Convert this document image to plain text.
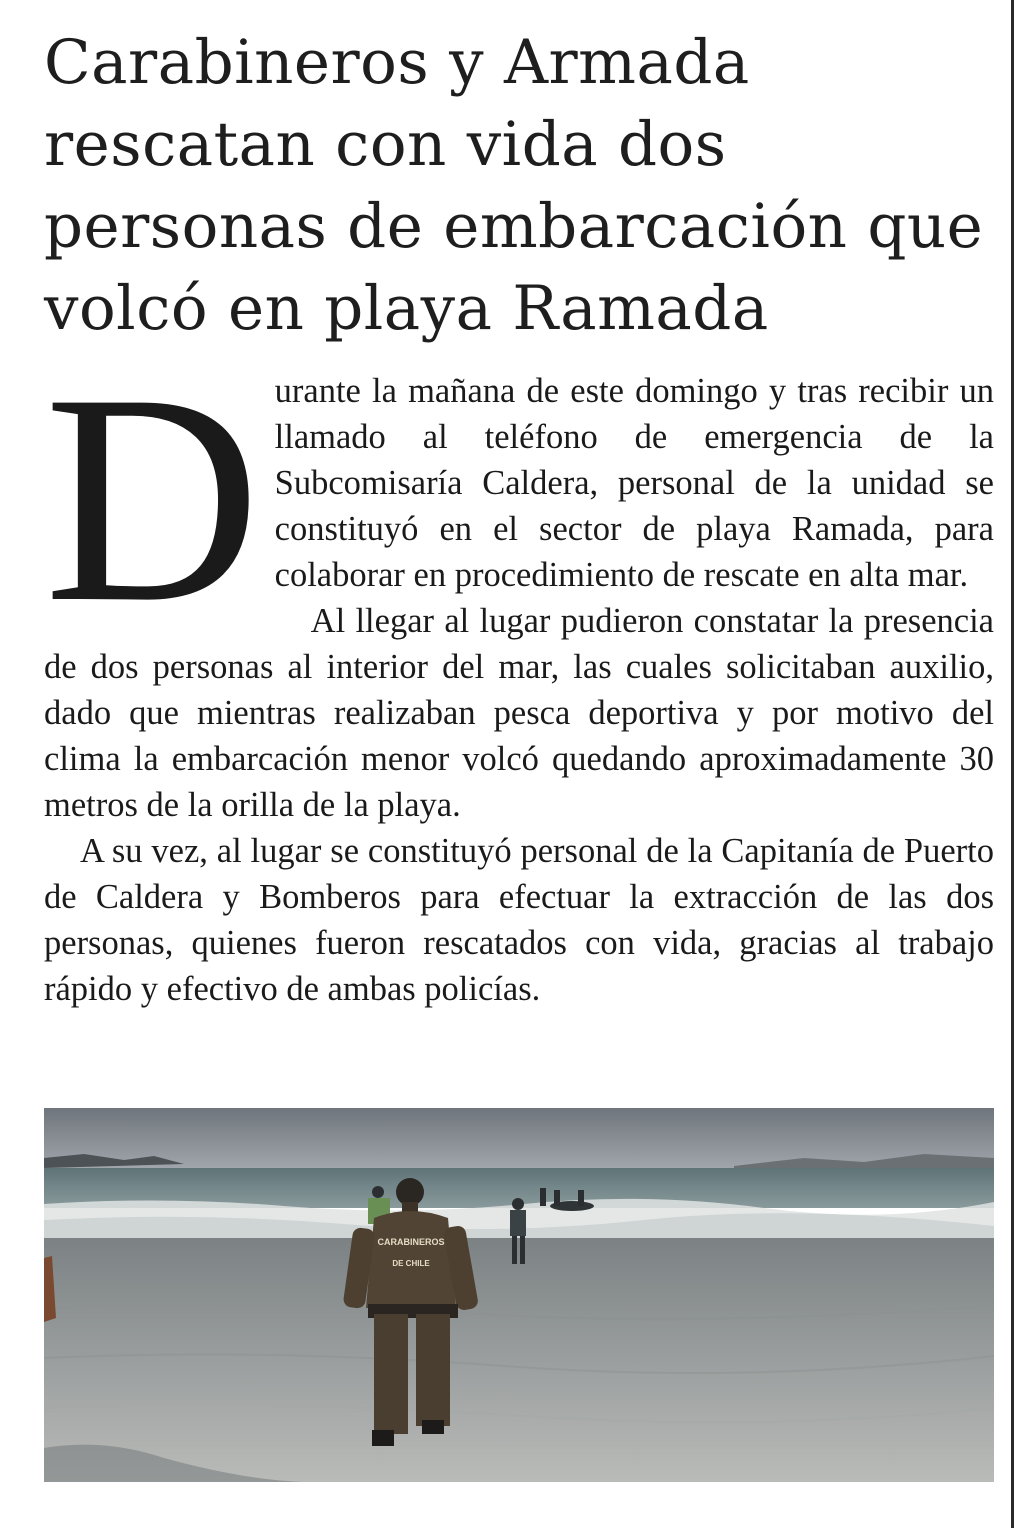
Carabineros y Armada rescatan con vida dos personas de embarcación que volcó en playa Ramada

Durante la mañana de este domingo y tras recibir un llamado al teléfono de emergencia de la Subcomisaría Caldera, personal de la unidad se constituyó en el sector de playa Ramada, para colaborar en procedimiento de rescate en alta mar.

Al llegar al lugar pudieron constatar la presencia de dos personas al interior del mar, las cuales solicitaban auxilio, dado que mientras realizaban pesca deportiva y por motivo del clima la embarcación menor volcó quedando aproximadamente 30 metros de la orilla de la playa.

A su vez, al lugar se constituyó personal de la Capitanía de Puerto de Caldera y Bomberos para efectuar la extracción de las dos personas, quienes fueron rescatados con vida, gracias al trabajo rápido y efectivo de ambas policías.

CARABINEROS
DE CHILE
